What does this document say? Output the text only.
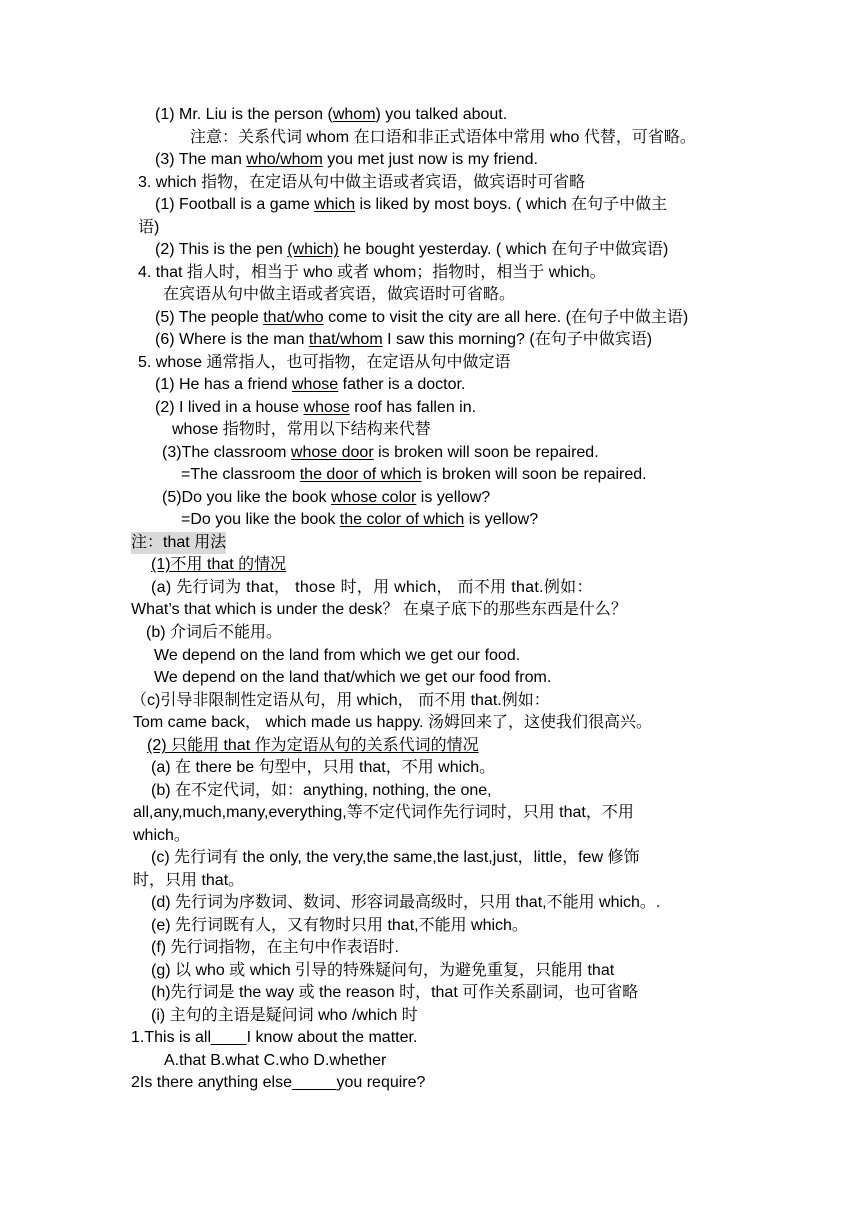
(1) Mr. Liu is the person (whom) you talked about.
注意：关系代词 whom 在口语和非正式语体中常用 who 代替，可省略。
(3) The man who/whom you met just now is my friend.
3. which 指物，在定语从句中做主语或者宾语，做宾语时可省略
(1) Football is a game which is liked by most boys. ( which 在句子中做主
语)
(2) This is the pen (which) he bought yesterday. ( which 在句子中做宾语)
4. that 指人时，相当于 who 或者 whom；指物时，相当于 which。
在宾语从句中做主语或者宾语，做宾语时可省略。
(5) The people that/who come to visit the city are all here. (在句子中做主语)
(6) Where is the man that/whom I saw this morning? (在句子中做宾语)
5. whose 通常指人，也可指物，在定语从句中做定语
(1) He has a friend whose father is a doctor.
(2) I lived in a house whose roof has fallen in.
whose 指物时，常用以下结构来代替
(3)The classroom whose door is broken will soon be repaired.
=The classroom the door of which is broken will soon be repaired.
(5)Do you like the book whose color is yellow?
=Do you like the book the color of which is yellow?
注：that 用法
(1)不用 that 的情况
(a) 先行词为 that， those 时，用 which， 而不用 that.例如：
What’s that which is under the desk？ 在桌子底下的那些东西是什么？
(b) 介词后不能用。
We depend on the land from which we get our food.
We depend on the land that/which we get our food from.
（c)引导非限制性定语从句，用 which， 而不用 that.例如：
Tom came back， which made us happy. 汤姆回来了，这使我们很高兴。
(2) 只能用 that 作为定语从句的关系代词的情况
(a) 在 there be 句型中，只用 that，不用 which。
(b) 在不定代词，如：anything, nothing, the one,
all,any,much,many,everything,等不定代词作先行词时，只用 that，不用
which。
(c) 先行词有 the only, the very,the same,the last,just，little，few 修饰
时，只用 that。
(d) 先行词为序数词、数词、形容词最高级时，只用 that,不能用 which。.
(e) 先行词既有人，又有物时只用 that,不能用 which。
(f) 先行词指物，在主句中作表语时.
(g) 以 who 或 which 引导的特殊疑问句，为避免重复，只能用 that
(h)先行词是 the way 或 the reason 时，that 可作关系副词，也可省略
(i) 主句的主语是疑问词 who /which 时
1.This is all____I know about the matter.
A.that B.what C.who D.whether
2Is there anything else_____you require?
